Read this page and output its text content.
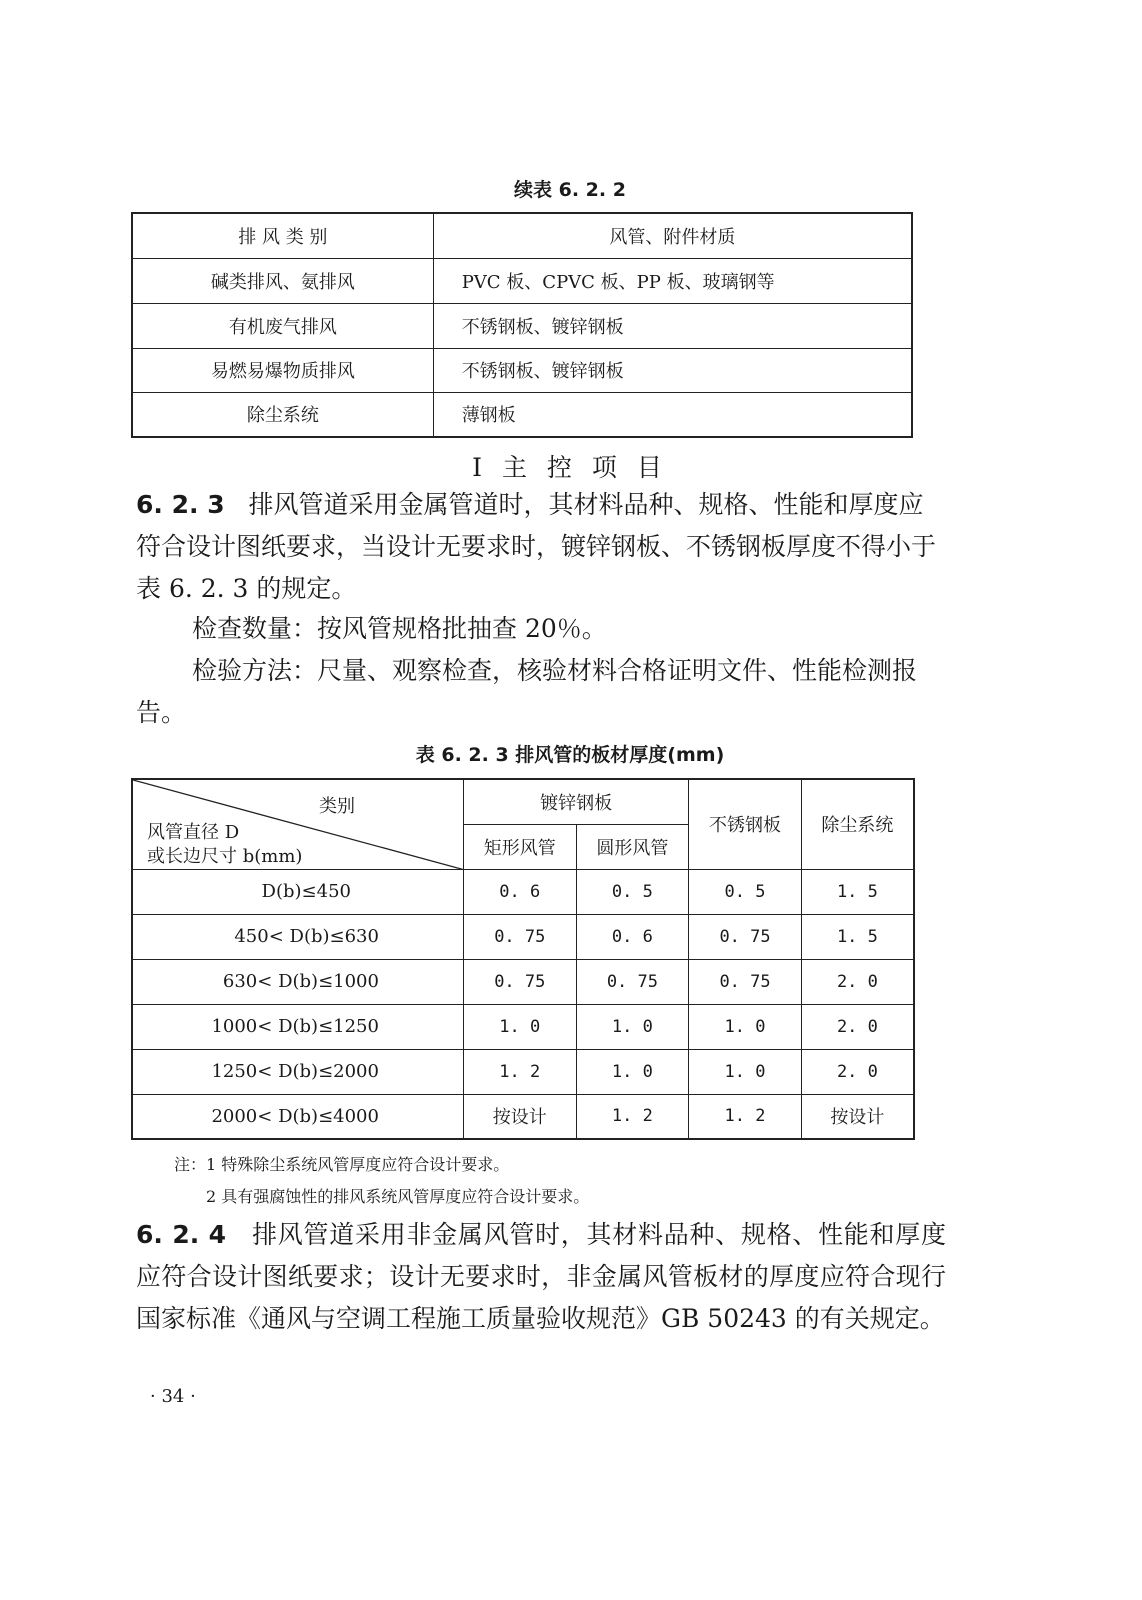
续表 6. 2. 2
排 风 类 别	风管、附件材质
碱类排风、氨排风	PVC 板、CPVC 板、PP 板、玻璃钢等
有机废气排风	不锈钢板、镀锌钢板
易燃易爆物质排风	不锈钢板、镀锌钢板
除尘系统	薄钢板
Ⅰ 主 控 项 目
6. 2. 3 排风管道采用金属管道时，其材料品种、规格、性能和厚度应符合设计图纸要求，当设计无要求时，镀锌钢板、不锈钢板厚度不得小于表 6. 2. 3 的规定。
检查数量：按风管规格批抽查 20％。
检验方法：尺量、观察检查，核验材料合格证明文件、性能检测报告。
表 6. 2. 3 排风管的板材厚度(mm)
类别
风管直径 D
或长边尺寸 b(mm)	镀锌钢板		不锈钢板	除尘系统
	矩形风管	圆形风管		
D(b)≤450	0. 6	0. 5	0. 5	1. 5
450< D(b)≤630	0. 75	0. 6	0. 75	1. 5
630< D(b)≤1000	0. 75	0. 75	0. 75	2. 0
1000< D(b)≤1250	1. 0	1. 0	1. 0	2. 0
1250< D(b)≤2000	1. 2	1. 0	1. 0	2. 0
2000< D(b)≤4000	按设计	1. 2	1. 2	按设计
注：1 特殊除尘系统风管厚度应符合设计要求。
2 具有强腐蚀性的排风系统风管厚度应符合设计要求。
6. 2. 4 排风管道采用非金属风管时，其材料品种、规格、性能和厚度应符合设计图纸要求；设计无要求时，非金属风管板材的厚度应符合现行国家标准《通风与空调工程施工质量验收规范》GB 50243 的有关规定。
· 34 ·
